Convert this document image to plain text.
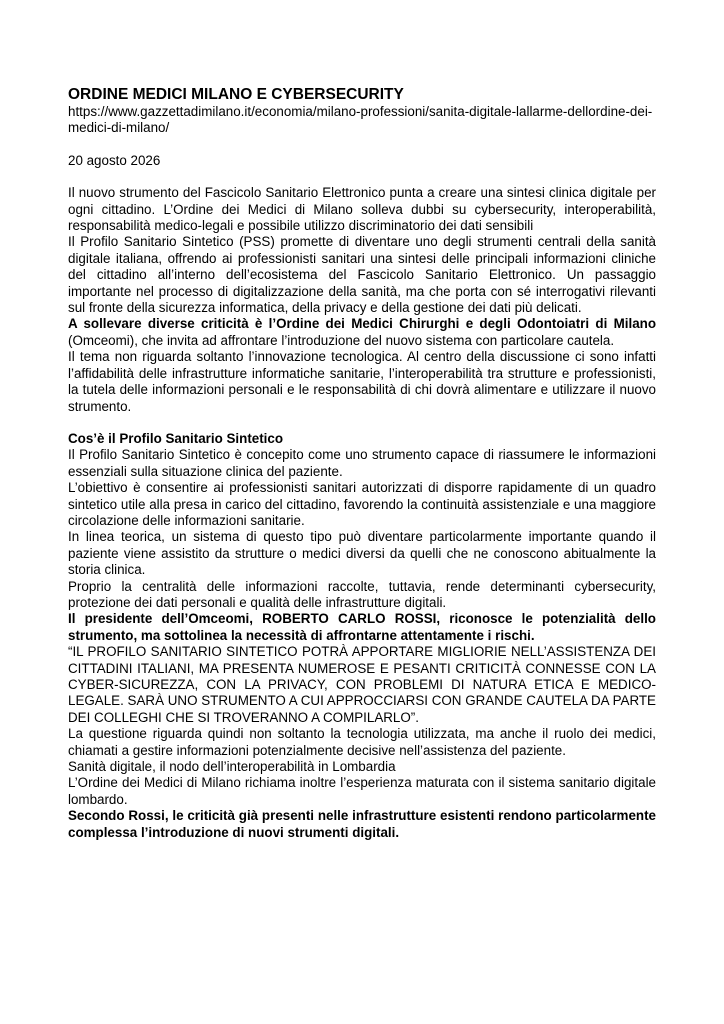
ORDINE MEDICI MILANO E CYBERSECURITY

https://www.gazzettadimilano.it/economia/milano-professioni/sanita-digitale-lallarme-dellordine-dei-medici-di-milano/

20 agosto 2026

Il nuovo strumento del Fascicolo Sanitario Elettronico punta a creare una sintesi clinica digitale per ogni cittadino. L’Ordine dei Medici di Milano solleva dubbi su cybersecurity, interoperabilità, responsabilità medico-legali e possibile utilizzo discriminatorio dei dati sensibili

Il Profilo Sanitario Sintetico (PSS) promette di diventare uno degli strumenti centrali della sanità digitale italiana, offrendo ai professionisti sanitari una sintesi delle principali informazioni cliniche del cittadino all’interno dell’ecosistema del Fascicolo Sanitario Elettronico. Un passaggio importante nel processo di digitalizzazione della sanità, ma che porta con sé interrogativi rilevanti sul fronte della sicurezza informatica, della privacy e della gestione dei dati più delicati.

A sollevare diverse criticità è l’Ordine dei Medici Chirurghi e degli Odontoiatri di Milano (Omceomi), che invita ad affrontare l’introduzione del nuovo sistema con particolare cautela.

Il tema non riguarda soltanto l’innovazione tecnologica. Al centro della discussione ci sono infatti l’affidabilità delle infrastrutture informatiche sanitarie, l’interoperabilità tra strutture e professionisti, la tutela delle informazioni personali e le responsabilità di chi dovrà alimentare e utilizzare il nuovo strumento.

Cos’è il Profilo Sanitario Sintetico

Il Profilo Sanitario Sintetico è concepito come uno strumento capace di riassumere le informazioni essenziali sulla situazione clinica del paziente.

L’obiettivo è consentire ai professionisti sanitari autorizzati di disporre rapidamente di un quadro sintetico utile alla presa in carico del cittadino, favorendo la continuità assistenziale e una maggiore circolazione delle informazioni sanitarie.

In linea teorica, un sistema di questo tipo può diventare particolarmente importante quando il paziente viene assistito da strutture o medici diversi da quelli che ne conoscono abitualmente la storia clinica.

Proprio la centralità delle informazioni raccolte, tuttavia, rende determinanti cybersecurity, protezione dei dati personali e qualità delle infrastrutture digitali.

Il presidente dell’Omceomi, ROBERTO CARLO ROSSI, riconosce le potenzialità dello strumento, ma sottolinea la necessità di affrontarne attentamente i rischi.

“IL PROFILO SANITARIO SINTETICO POTRÀ APPORTARE MIGLIORIE NELL’ASSISTENZA DEI CITTADINI ITALIANI, MA PRESENTA NUMEROSE E PESANTI CRITICITÀ CONNESSE CON LA CYBER-SICUREZZA, CON LA PRIVACY, CON PROBLEMI DI NATURA ETICA E MEDICO-LEGALE. SARÀ UNO STRUMENTO A CUI APPROCCIARSI CON GRANDE CAUTELA DA PARTE DEI COLLEGHI CHE SI TROVERANNO A COMPILARLO”.

La questione riguarda quindi non soltanto la tecnologia utilizzata, ma anche il ruolo dei medici, chiamati a gestire informazioni potenzialmente decisive nell’assistenza del paziente.

Sanità digitale, il nodo dell’interoperabilità in Lombardia

L’Ordine dei Medici di Milano richiama inoltre l’esperienza maturata con il sistema sanitario digitale lombardo.

Secondo Rossi, le criticità già presenti nelle infrastrutture esistenti rendono particolarmente complessa l’introduzione di nuovi strumenti digitali.
